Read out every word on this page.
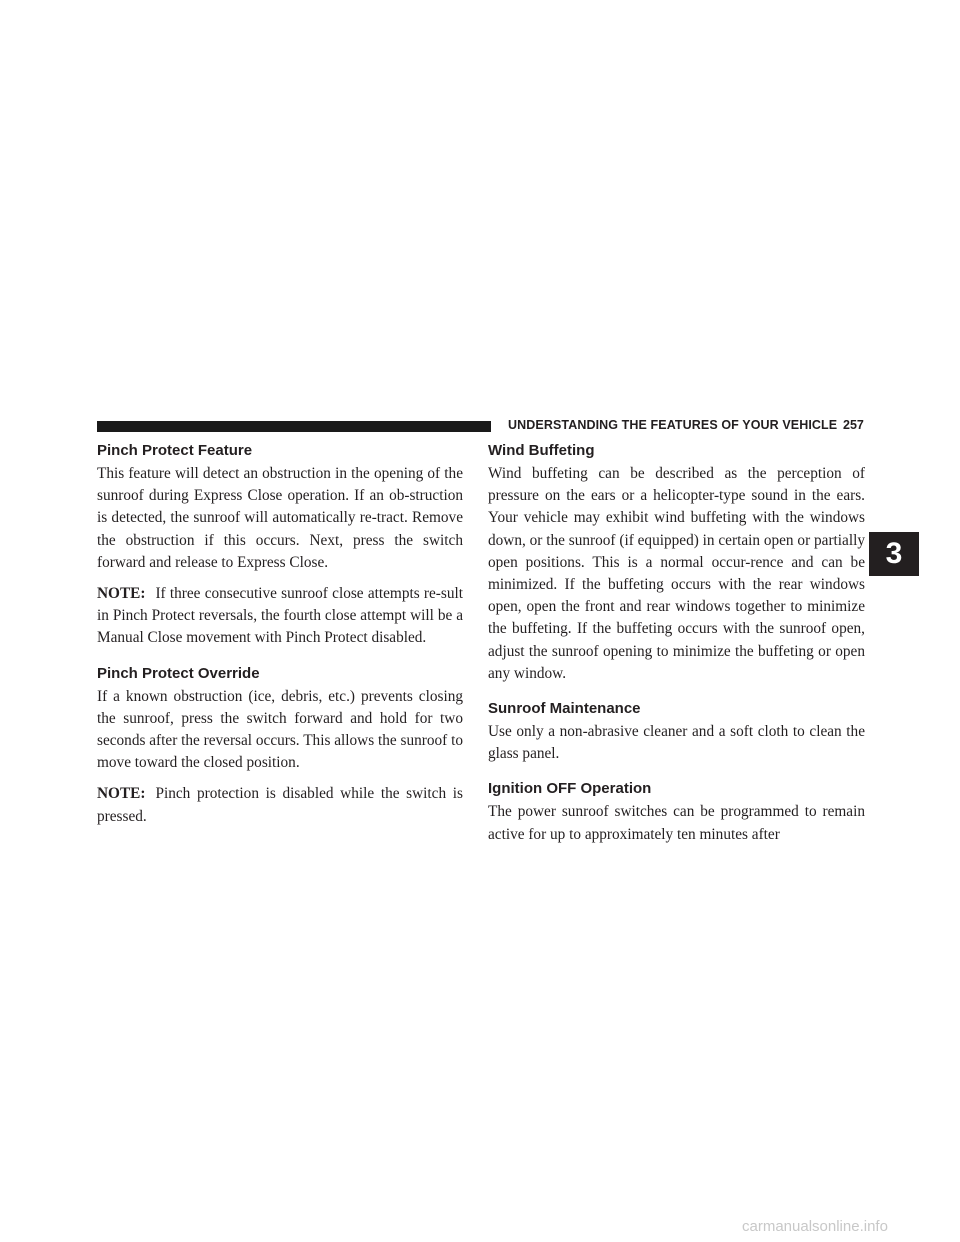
UNDERSTANDING THE FEATURES OF YOUR VEHICLE 257
Pinch Protect Feature

This feature will detect an obstruction in the opening of the sunroof during Express Close operation. If an ob-struction is detected, the sunroof will automatically re-tract. Remove the obstruction if this occurs. Next, press the switch forward and release to Express Close.

NOTE: If three consecutive sunroof close attempts re-sult in Pinch Protect reversals, the fourth close attempt will be a Manual Close movement with Pinch Protect disabled.

Pinch Protect Override

If a known obstruction (ice, debris, etc.) prevents closing the sunroof, press the switch forward and hold for two seconds after the reversal occurs. This allows the sunroof to move toward the closed position.

NOTE: Pinch protection is disabled while the switch is pressed.

Wind Buffeting

Wind buffeting can be described as the perception of pressure on the ears or a helicopter-type sound in the ears. Your vehicle may exhibit wind buffeting with the windows down, or the sunroof (if equipped) in certain open or partially open positions. This is a normal occur-rence and can be minimized. If the buffeting occurs with the rear windows open, open the front and rear windows together to minimize the buffeting. If the buffeting occurs with the sunroof open, adjust the sunroof opening to minimize the buffeting or open any window.

Sunroof Maintenance

Use only a non-abrasive cleaner and a soft cloth to clean the glass panel.

Ignition OFF Operation

The power sunroof switches can be programmed to remain active for up to approximately ten minutes after

3
carmanualsonline.info
